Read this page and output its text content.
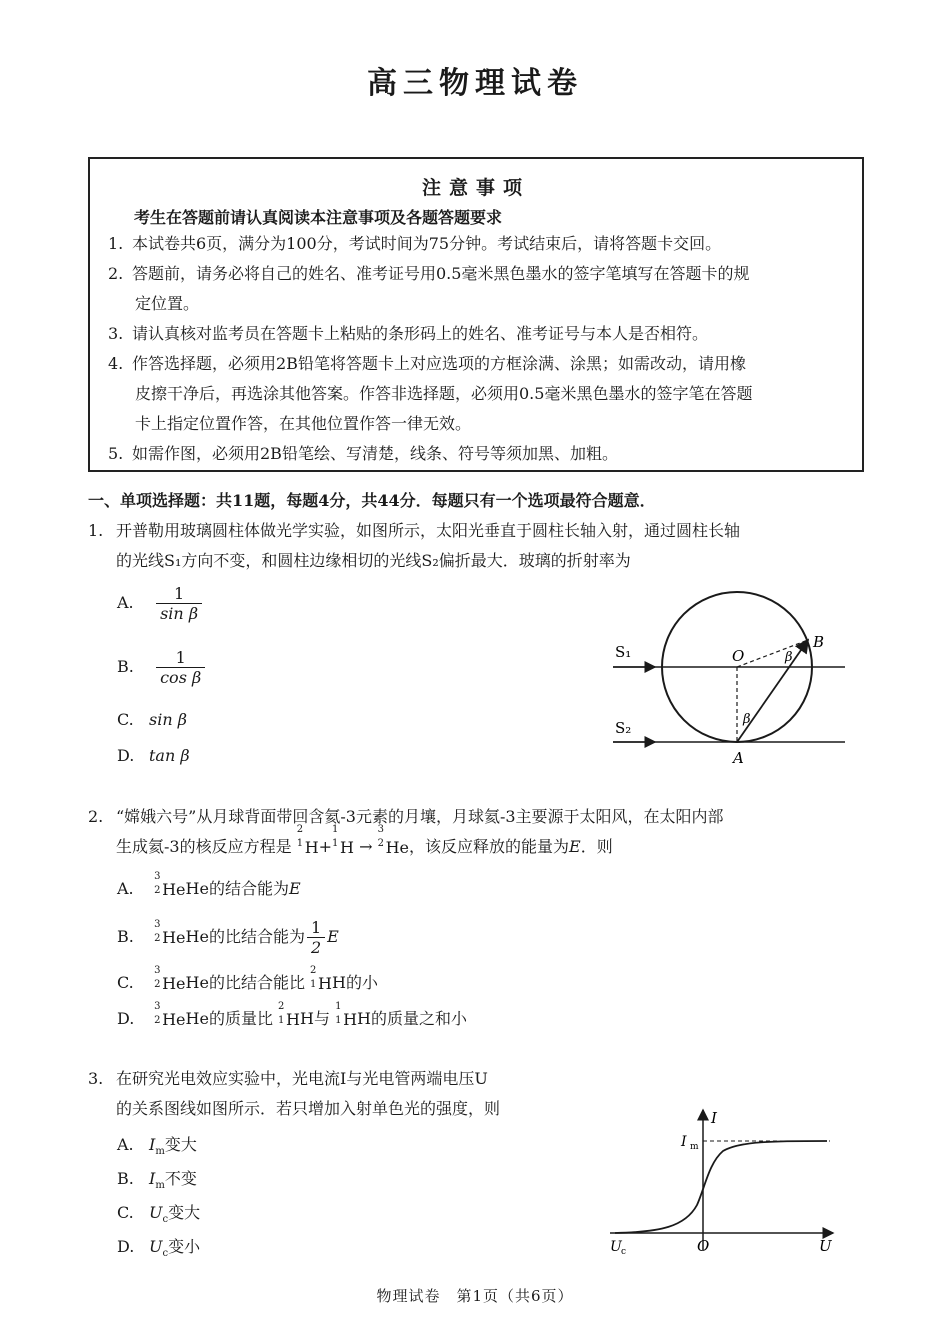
高三物理试卷
注意事项
考生在答题前请认真阅读本注意事项及各题答题要求
1. 本试卷共6页，满分为100分，考试时间为75分钟。考试结束后，请将答题卡交回。
2. 答题前，请务必将自己的姓名、准考证号用0.5毫米黑色墨水的签字笔填写在答题卡的规
定位置。
3. 请认真核对监考员在答题卡上粘贴的条形码上的姓名、准考证号与本人是否相符。
4. 作答选择题，必须用2B铅笔将答题卡上对应选项的方框涂满、涂黑；如需改动，请用橡
皮擦干净后，再选涂其他答案。作答非选择题，必须用0.5毫米黑色墨水的签字笔在答题
卡上指定位置作答，在其他位置作答一律无效。
5. 如需作图，必须用2B铅笔绘、写清楚，线条、符号等须加黑、加粗。
一、单项选择题：共11题，每题4分，共44分．每题只有一个选项最符合题意．
1. 开普勒用玻璃圆柱体做光学实验，如图所示，太阳光垂直于圆柱长轴入射，通过圆柱长轴
的光线S₁方向不变，和圆柱边缘相切的光线S₂偏折最大．玻璃的折射率为
A. $\frac{1}{\text{sin β}}$
B. $\frac{1}{\text{cos β}}$
C. sin β
D. tan β
S₁
S₂
O
B
A
β
β
2. “嫦娥六号”从月球背面带回含氦-3元素的月壤，月球氦-3主要源于太阳风，在太阳内部
生成氦-3的核反应方程是
2
1 H+
1
1 H →
3
2 He，该反应释放的能量为E．则
A.
3
2 HeHe的结合能为E
B.
3
2 HeHe的比结合能为 $\frac{1}{2}$ E
C.
3
2 HeHe的比结合能比
2
1 HH的小
D.
3
2 HeHe的质量比
2
1 HH与
1
1 HH的质量之和小
3. 在研究光电效应实验中，光电流I与光电管两端电压U
的关系图线如图所示．若只增加入射单色光的强度，则
A. $I_m$变大
B. $I_m$不变
C. $U_c$变大
D. $U_c$变小
I
I m
O	U
U c
物理试卷　第1页（共6页）
